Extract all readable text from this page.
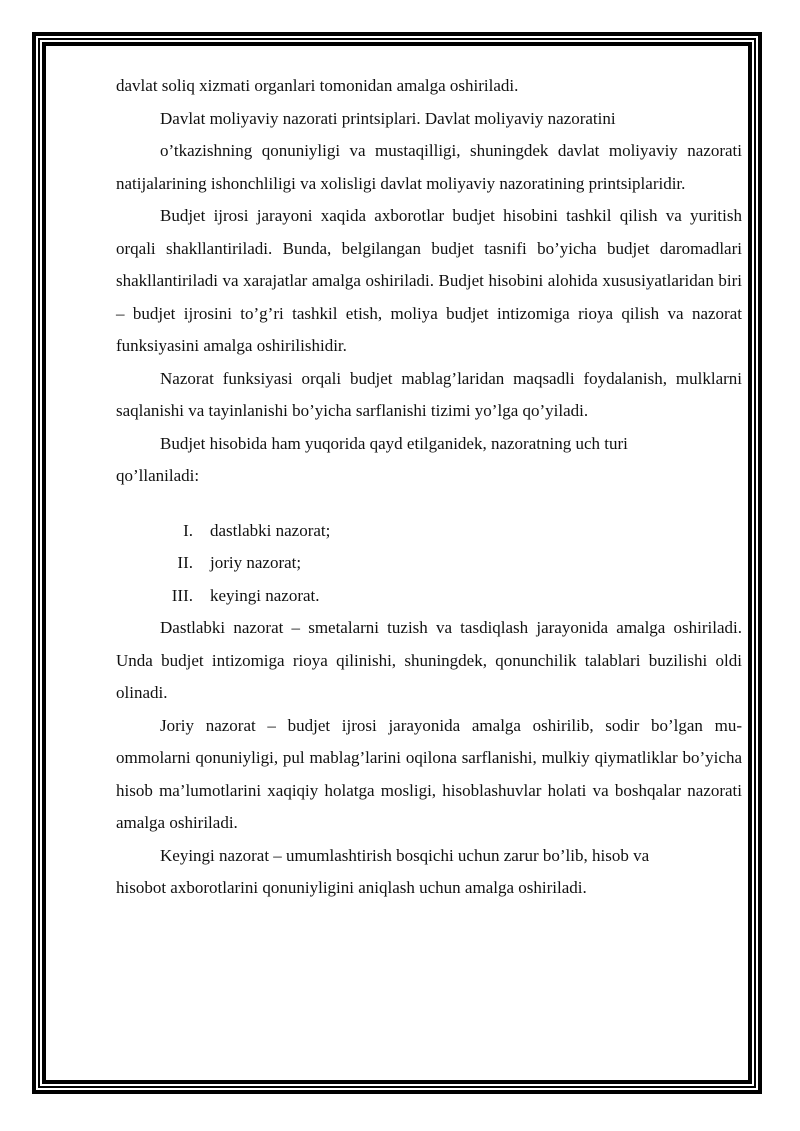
davlat soliq xizmati organlari tomonidan amalga oshiriladi.

Davlat moliyaviy nazorati printsiplari. Davlat moliyaviy nazoratini

o’tkazishning qonuniyligi va mustaqilligi, shuningdek davlat moliyaviy nazorati natijalarining ishonchliligi va xolisligi davlat moliyaviy nazoratining printsiplaridir.

Budjet ijrosi jarayoni xaqida axborotlar budjet hisobini tashkil qilish va yuritish orqali shakllantiriladi. Bunda, belgilangan budjet tasnifi bo’yicha budjet daromadlari shakllantiriladi va xarajatlar amalga oshiriladi. Budjet hisobini alohida xususiyatlaridan biri – budjet ijrosini to’g’ri tashkil etish, moliya budjet intizomiga rioya qilish va nazorat funksiyasini amalga oshirilishidir.

Nazorat funksiyasi orqali budjet mablag’laridan maqsadli foydalanish, mulklarni saqlanishi va tayinlanishi bo’yicha sarflanishi tizimi yo’lga qo’yiladi.

Budjet hisobida ham yuqorida qayd etilganidek, nazoratning uch turi

qo’llaniladi:

I. dastlabki nazorat;
II. joriy nazorat;
III. keyingi nazorat.

Dastlabki nazorat – smetalarni tuzish va tasdiqlash jarayonida amalga oshiriladi. Unda budjet intizomiga rioya qilinishi, shuningdek, qonunchilik talablari buzilishi oldi olinadi.

Joriy nazorat – budjet ijrosi jarayonida amalga oshirilib, sodir bo’lgan mu-ommolarni qonuniyligi, pul mablag’larini oqilona sarflanishi, mulkiy qiymatliklar bo’yicha hisob ma’lumotlarini xaqiqiy holatga mosligi, hisoblashuvlar holati va boshqalar nazorati amalga oshiriladi.

Keyingi nazorat – umumlashtirish bosqichi uchun zarur bo’lib, hisob va

hisobot axborotlarini qonuniyligini aniqlash uchun amalga oshiriladi.
